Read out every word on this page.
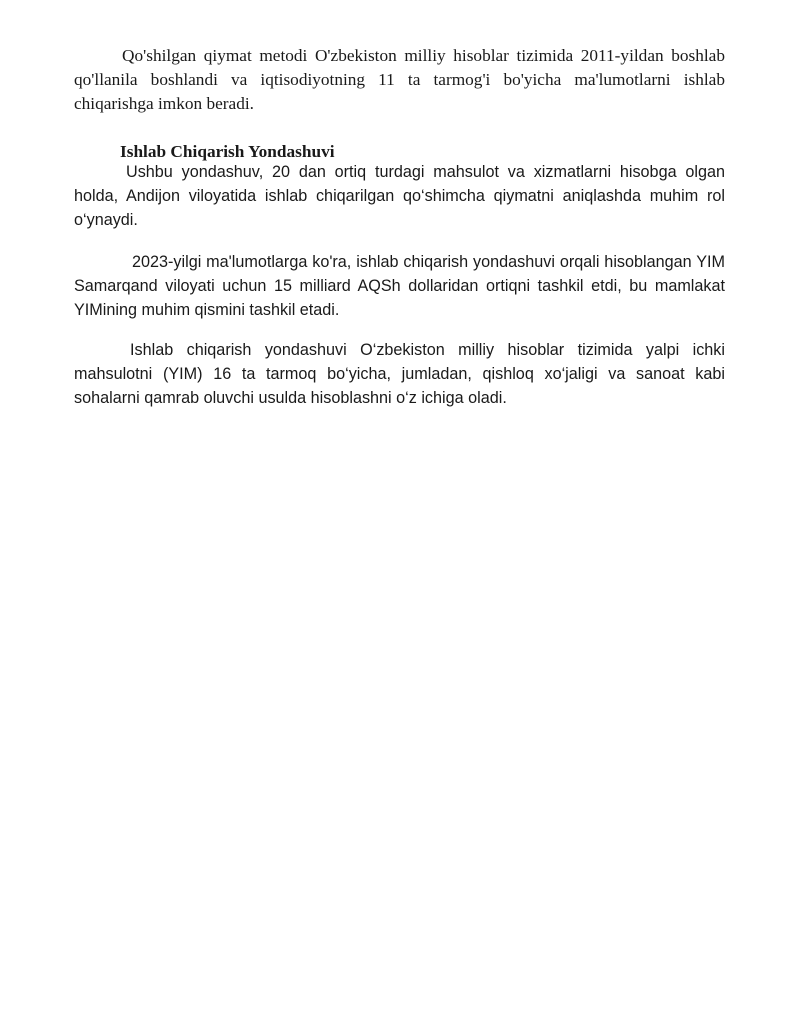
Qo'shilgan qiymat metodi O'zbekiston milliy hisoblar tizimida 2011-yildan boshlab qo'llanila boshlandi va iqtisodiyotning 11 ta tarmog'i bo'yicha ma'lumotlarni ishlab chiqarishga imkon beradi.

Ishlab Chiqarish Yondashuvi

Ushbu yondashuv, 20 dan ortiq turdagi mahsulot va xizmatlarni hisobga olgan holda, Andijon viloyatida ishlab chiqarilgan qo‘shimcha qiymatni aniqlashda muhim rol o‘ynaydi.

2023-yilgi ma'lumotlarga ko'ra, ishlab chiqarish yondashuvi orqali hisoblangan YIM Samarqand viloyati uchun 15 milliard AQSh dollaridan ortiqni tashkil etdi, bu mamlakat YIMining muhim qismini tashkil etadi.

Ishlab chiqarish yondashuvi O‘zbekiston milliy hisoblar tizimida yalpi ichki mahsulotni (YIM) 16 ta tarmoq bo‘yicha, jumladan, qishloq xo‘jaligi va sanoat kabi sohalarni qamrab oluvchi usulda hisoblashni o‘z ichiga oladi.
